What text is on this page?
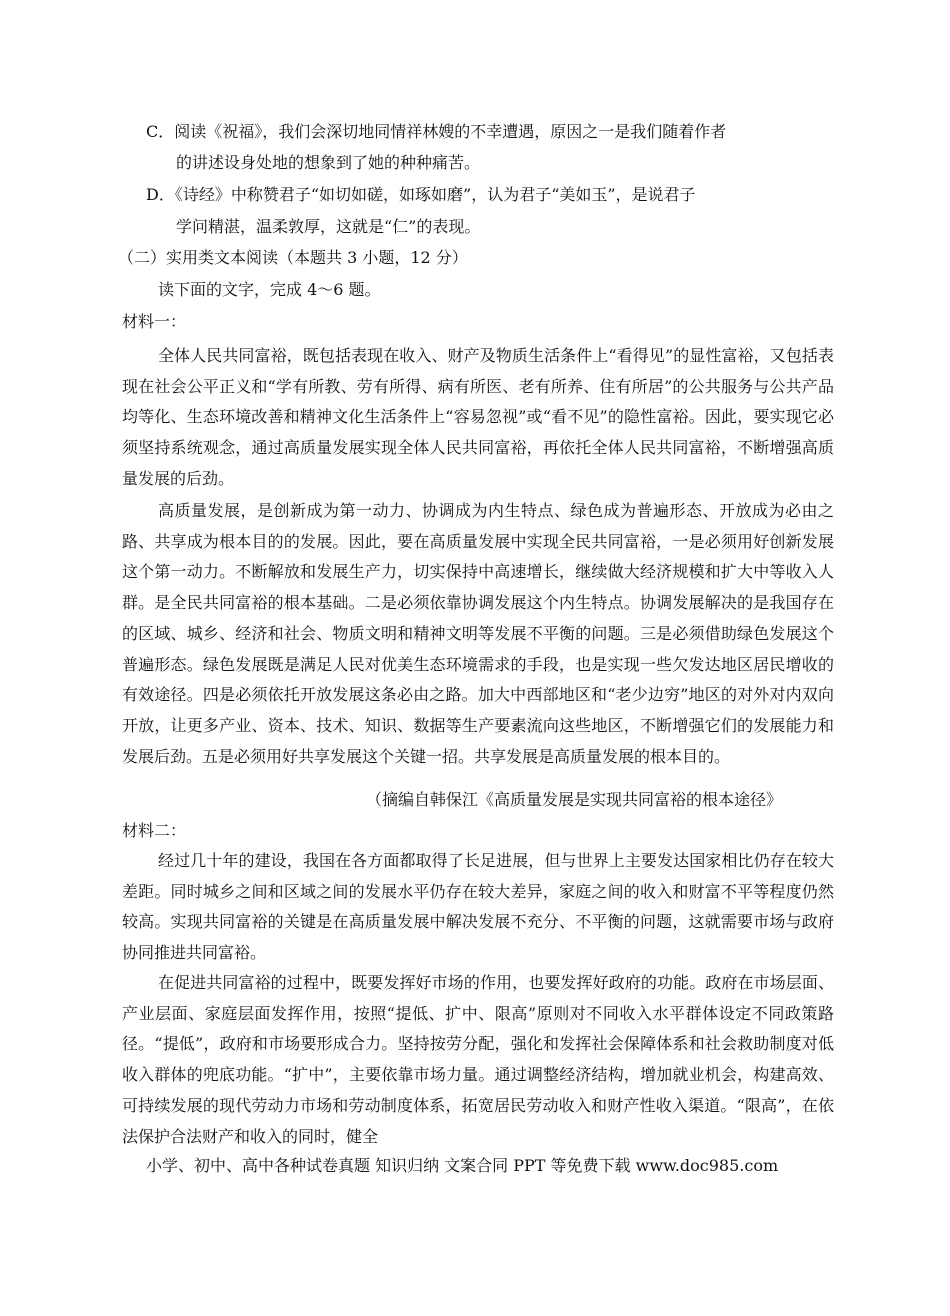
C．阅读《祝福》，我们会深切地同情祥林嫂的不幸遭遇，原因之一是我们随着作者
的讲述设身处地的想象到了她的种种痛苦。
D．《诗经》中称赞君子“如切如磋，如琢如磨”，认为君子“美如玉”，是说君子
学问精湛，温柔敦厚，这就是“仁”的表现。
（二）实用类文本阅读（本题共 3 小题，12 分）
读下面的文字，完成 4～6 题。
材料一：
全体人民共同富裕，既包括表现在收入、财产及物质生活条件上“看得见”的显性富裕，又包括表现在社会公平正义和“学有所教、劳有所得、病有所医、老有所养、住有所居”的公共服务与公共产品均等化、生态环境改善和精神文化生活条件上“容易忽视”或“看不见”的隐性富裕。因此，要实现它必须坚持系统观念，通过高质量发展实现全体人民共同富裕，再依托全体人民共同富裕，不断增强高质量发展的后劲。
高质量发展，是创新成为第一动力、协调成为内生特点、绿色成为普遍形态、开放成为必由之路、共享成为根本目的的发展。因此，要在高质量发展中实现全民共同富裕，一是必须用好创新发展这个第一动力。不断解放和发展生产力，切实保持中高速增长，继续做大经济规模和扩大中等收入人群。是全民共同富裕的根本基础。二是必须依靠协调发展这个内生特点。协调发展解决的是我国存在的区域、城乡、经济和社会、物质文明和精神文明等发展不平衡的问题。三是必须借助绿色发展这个普遍形态。绿色发展既是满足人民对优美生态环境需求的手段，也是实现一些欠发达地区居民增收的有效途径。四是必须依托开放发展这条必由之路。加大中西部地区和“老少边穷”地区的对外对内双向开放，让更多产业、资本、技术、知识、数据等生产要素流向这些地区，不断增强它们的发展能力和发展后劲。五是必须用好共享发展这个关键一招。共享发展是高质量发展的根本目的。
（摘编自韩保江《高质量发展是实现共同富裕的根本途径》
材料二：
经过几十年的建设，我国在各方面都取得了长足进展，但与世界上主要发达国家相比仍存在较大差距。同时城乡之间和区域之间的发展水平仍存在较大差异，家庭之间的收入和财富不平等程度仍然较高。实现共同富裕的关键是在高质量发展中解决发展不充分、不平衡的问题，这就需要市场与政府协同推进共同富裕。
在促进共同富裕的过程中，既要发挥好市场的作用，也要发挥好政府的功能。政府在市场层面、产业层面、家庭层面发挥作用，按照“提低、扩中、限高”原则对不同收入水平群体设定不同政策路径。“提低”，政府和市场要形成合力。坚持按劳分配，强化和发挥社会保障体系和社会救助制度对低收入群体的兜底功能。“扩中”，主要依靠市场力量。通过调整经济结构，增加就业机会，构建高效、可持续发展的现代劳动力市场和劳动制度体系，拓宽居民劳动收入和财产性收入渠道。“限高”，在依法保护合法财产和收入的同时，健全
小学、初中、高中各种试卷真题 知识归纳 文案合同 PPT 等免费下载 www.doc985.com
